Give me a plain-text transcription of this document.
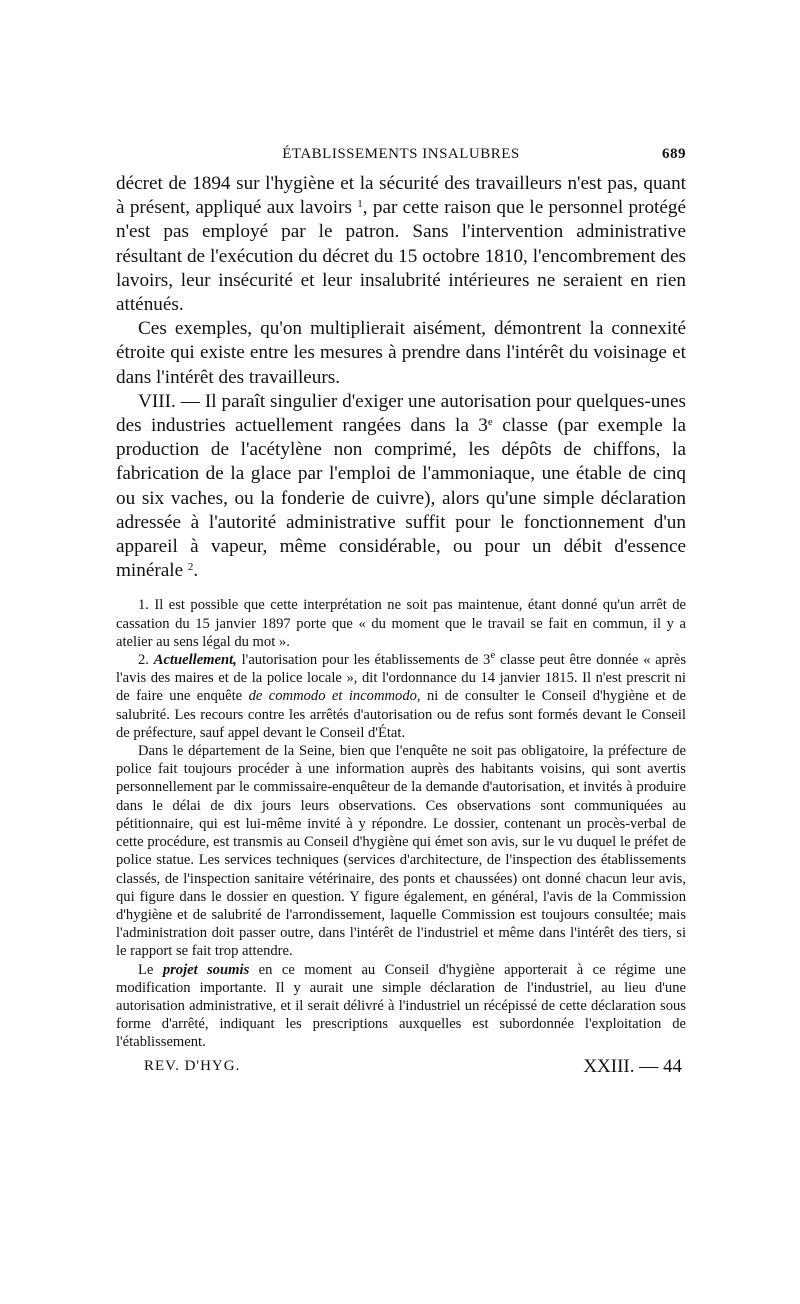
ÉTABLISSEMENTS INSALUBRES	689

décret de 1894 sur l'hygiène et la sécurité des travailleurs n'est pas, quant à présent, appliqué aux lavoirs $^1$, par cette raison que le personnel protégé n'est pas employé par le patron. Sans l'intervention administrative résultant de l'exécution du décret du 15 octobre 1810, l'encombrement des lavoirs, leur insécurité et leur insalubrité intérieures ne seraient en rien atténués.

Ces exemples, qu'on multiplierait aisément, démontrent la connexité étroite qui existe entre les mesures à prendre dans l'intérêt du voisinage et dans l'intérêt des travailleurs.

VIII. — Il paraît singulier d'exiger une autorisation pour quelques-unes des industries actuellement rangées dans la 3e classe (par exemple la production de l'acétylène non comprimé, les dépôts de chiffons, la fabrication de la glace par l'emploi de l'ammoniaque, une étable de cinq ou six vaches, ou la fonderie de cuivre), alors qu'une simple déclaration adressée à l'autorité administrative suffit pour le fonctionnement d'un appareil à vapeur, même considérable, ou pour un débit d'essence minérale $^2$.

1. Il est possible que cette interprétation ne soit pas maintenue, étant donné qu'un arrêt de cassation du 15 janvier 1897 porte que « du moment que le travail se fait en commun, il y a atelier au sens légal du mot ».

2. Actuellement, l'autorisation pour les établissements de 3e classe peut être donnée « après l'avis des maires et de la police locale », dit l'ordonnance du 14 janvier 1815. Il n'est prescrit ni de faire une enquête de commodo et incommodo, ni de consulter le Conseil d'hygiène et de salubrité. Les recours contre les arrêtés d'autorisation ou de refus sont formés devant le Conseil de préfecture, sauf appel devant le Conseil d'État.

Dans le département de la Seine, bien que l'enquête ne soit pas obligatoire, la préfecture de police fait toujours procéder à une information auprès des habitants voisins, qui sont avertis personnellement par le commissaire-enquêteur de la demande d'autorisation, et invités à produire dans le délai de dix jours leurs observations. Ces observations sont communiquées au pétitionnaire, qui est lui-même invité à y répondre. Le dossier, contenant un procès-verbal de cette procédure, est transmis au Conseil d'hygiène qui émet son avis, sur le vu duquel le préfet de police statue. Les services techniques (services d'architecture, de l'inspection des établissements classés, de l'inspection sanitaire vétérinaire, des ponts et chaussées) ont donné chacun leur avis, qui figure dans le dossier en question. Y figure également, en général, l'avis de la Commission d'hygiène et de salubrité de l'arrondissement, laquelle Commission est toujours consultée; mais l'administration doit passer outre, dans l'intérêt de l'industriel et même dans l'intérêt des tiers, si le rapport se fait trop attendre.

Le projet soumis en ce moment au Conseil d'hygiène apporterait à ce régime une modification importante. Il y aurait une simple déclaration de l'industriel, au lieu d'une autorisation administrative, et il serait délivré à l'industriel un récépissé de cette déclaration sous forme d'arrêté, indiquant les prescriptions auxquelles est subordonnée l'exploitation de l'établissement.

REV. D'HYG.	XXIII. — 44
